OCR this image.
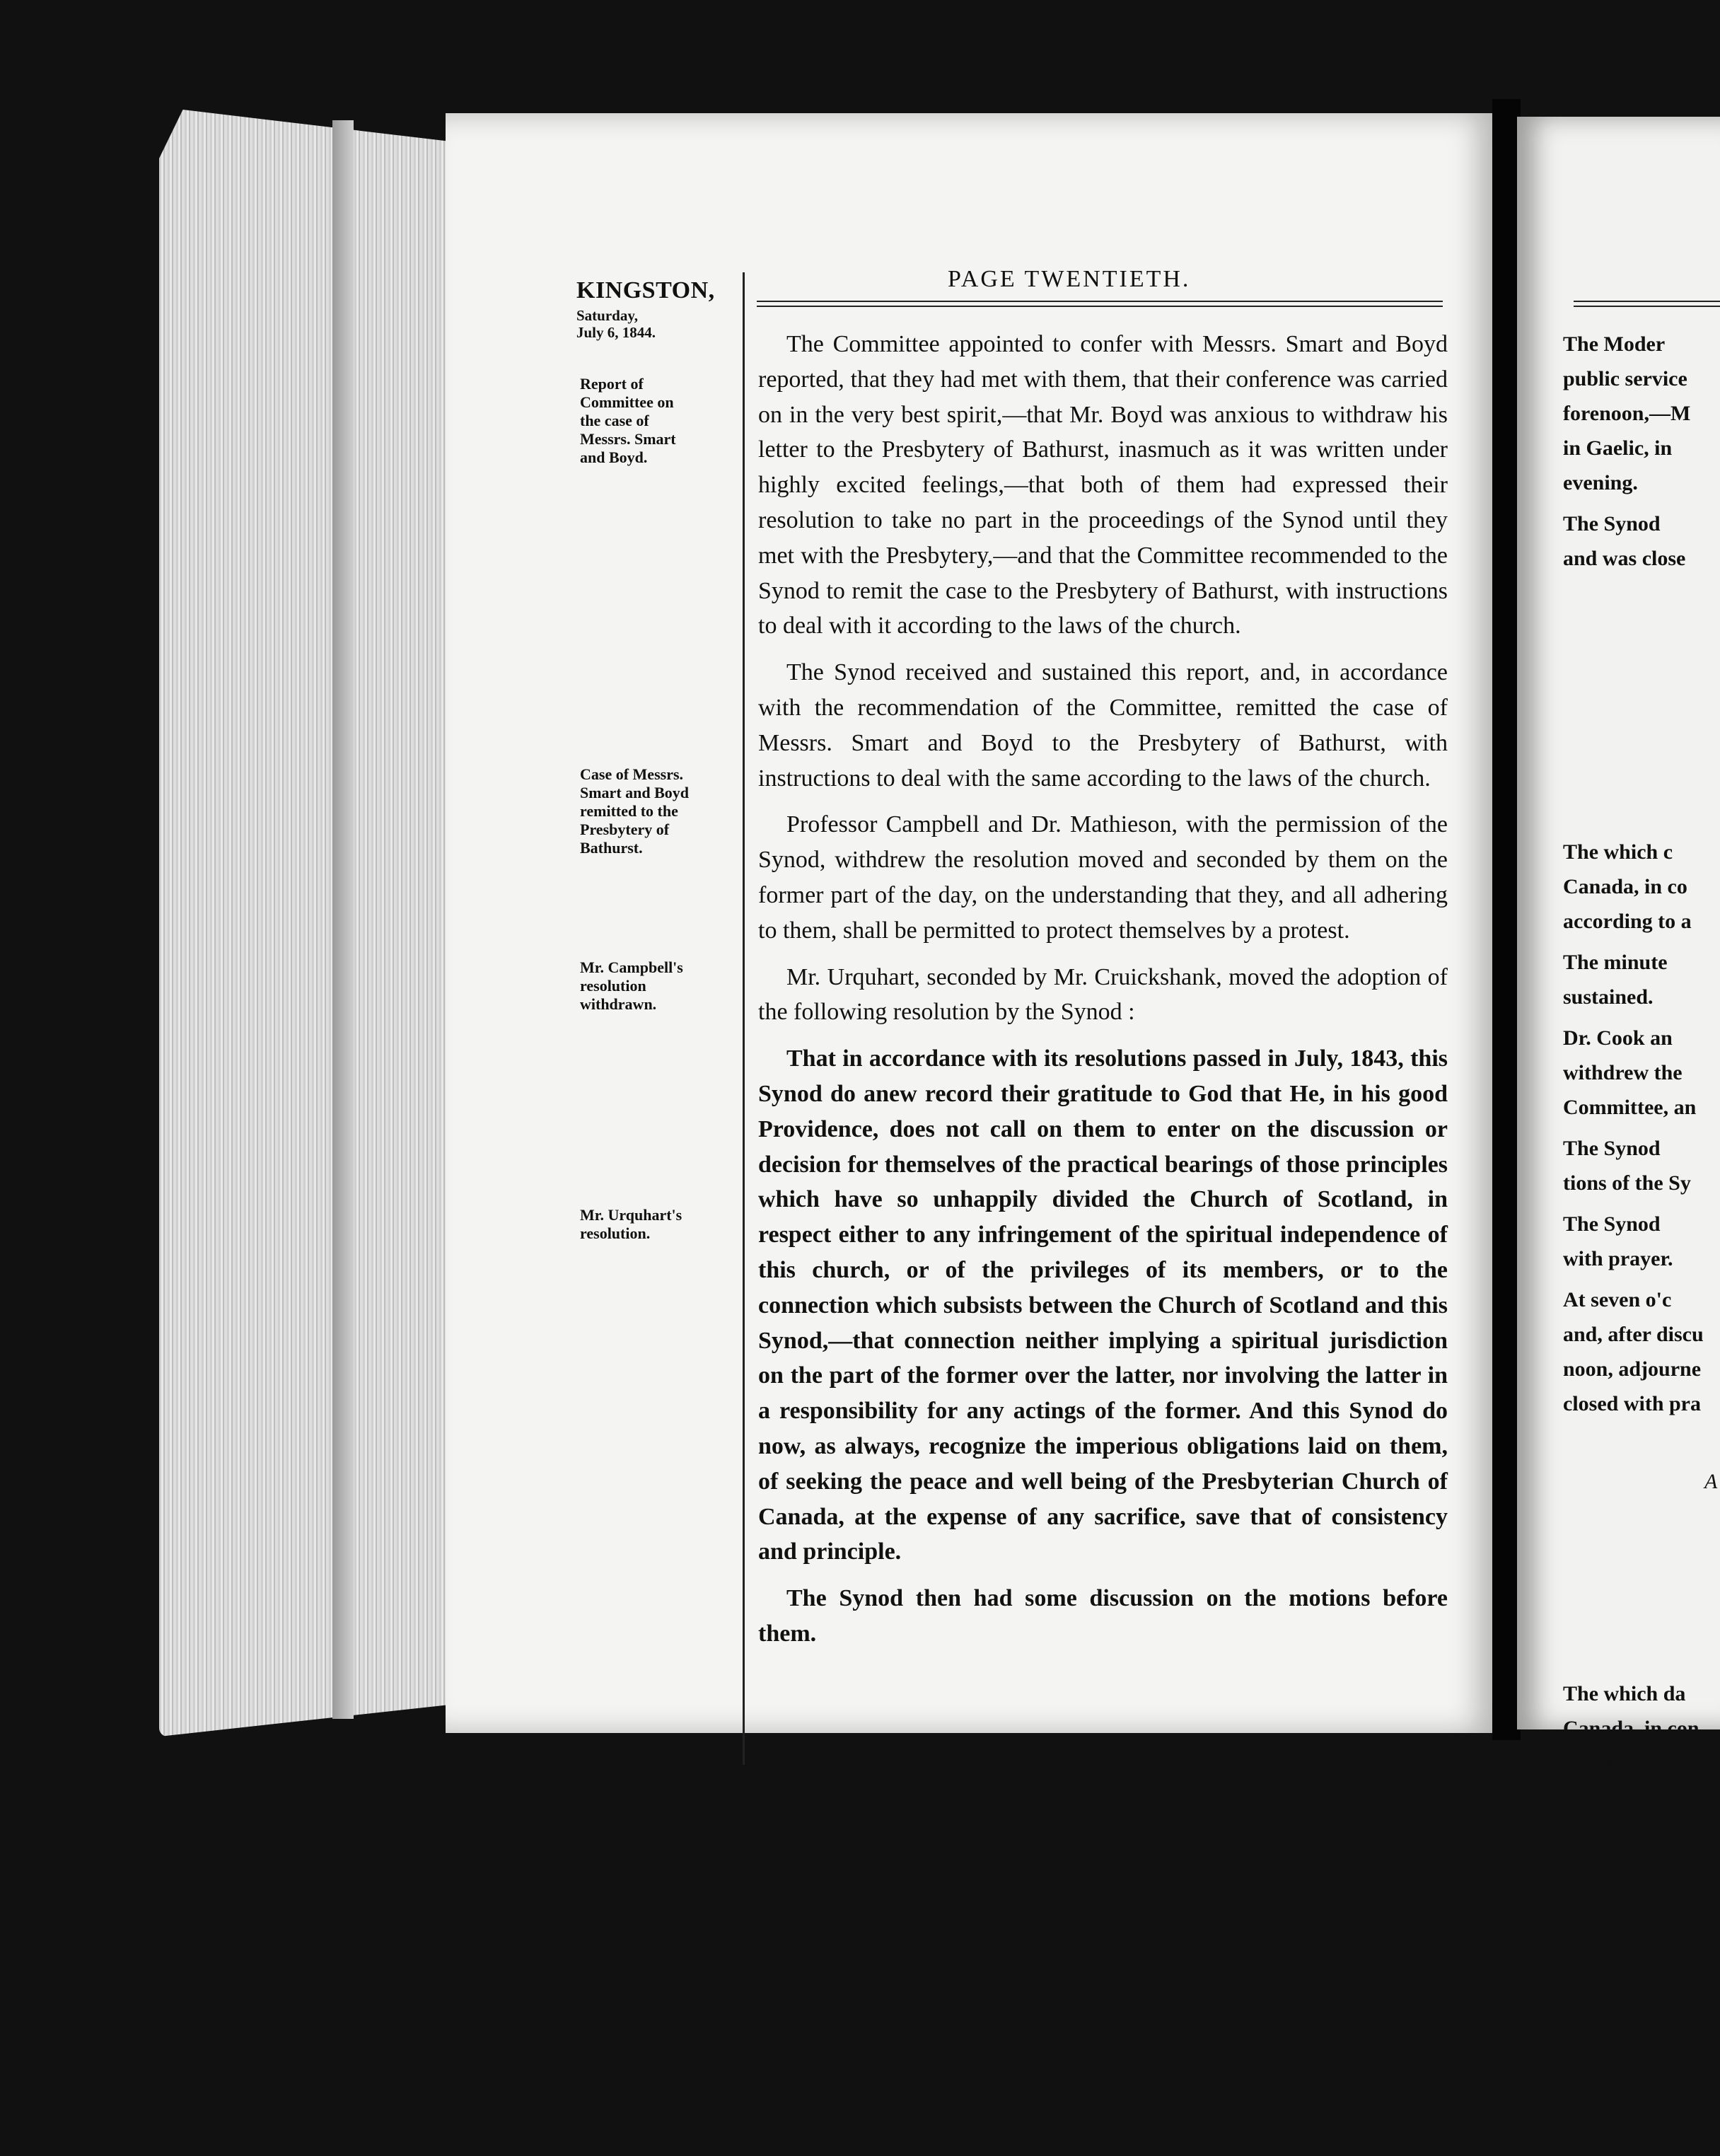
KINGSTON,
Saturday,
July 6, 1844.
PAGE TWENTIETH.
Report of
Committee on
the case of
Messrs. Smart
and Boyd.
Case of Messrs.
Smart and Boyd
remitted to the
Presbytery of
Bathurst.
Mr. Campbell's
resolution
withdrawn.
Mr. Urquhart's
resolution.

The Committee appointed to confer with Messrs. Smart and Boyd reported, that they had met with them, that their conference was carried on in the very best spirit,—that Mr. Boyd was anxious to withdraw his letter to the Presbytery of Bathurst, inasmuch as it was written under highly excited feelings,—that both of them had expressed their resolution to take no part in the proceedings of the Synod until they met with the Presbytery,—and that the Committee recommended to the Synod to remit the case to the Presbytery of Bathurst, with instructions to deal with it according to the laws of the church.

The Synod received and sustained this report, and, in accordance with the recommendation of the Committee, remitted the case of Messrs. Smart and Boyd to the Presbytery of Bathurst, with instructions to deal with the same according to the laws of the church.

Professor Campbell and Dr. Mathieson, with the permission of the Synod, withdrew the resolution moved and seconded by them on the former part of the day, on the understanding that they, and all adhering to them, shall be permitted to protect themselves by a protest.

Mr. Urquhart, seconded by Mr. Cruickshank, moved the adoption of the following resolution by the Synod :

That in accordance with its resolutions passed in July, 1843, this Synod do anew record their gratitude to God that He, in his good Providence, does not call on them to enter on the discussion or decision for themselves of the practical bearings of those principles which have so unhappily divided the Church of Scotland, in respect either to any infringement of the spiritual independence of this church, or of the privileges of its members, or to the connection which subsists between the Church of Scotland and this Synod,—that connection neither implying a spiritual jurisdiction on the part of the former over the latter, nor involving the latter in a responsibility for any actings of the former. And this Synod do now, as always, recognize the imperious obligations laid on them, of seeking the peace and well being of the Presbyterian Church of Canada, at the expense of any sacrifice, save that of consistency and principle.

The Synod then had some discussion on the motions before them.

The Moder
public service
forenoon,—M
in Gaelic, in
evening.
The Synod
and was close
The which c
Canada, in co
according to a
The minute
sustained.
Dr. Cook an
withdrew the
Committee, an
The Synod
tions of the Sy
The Synod
with prayer.
At seven o'c
and, after discu
noon, adjourne
closed with pra
A
The which da
Canada, in con
according to ad
